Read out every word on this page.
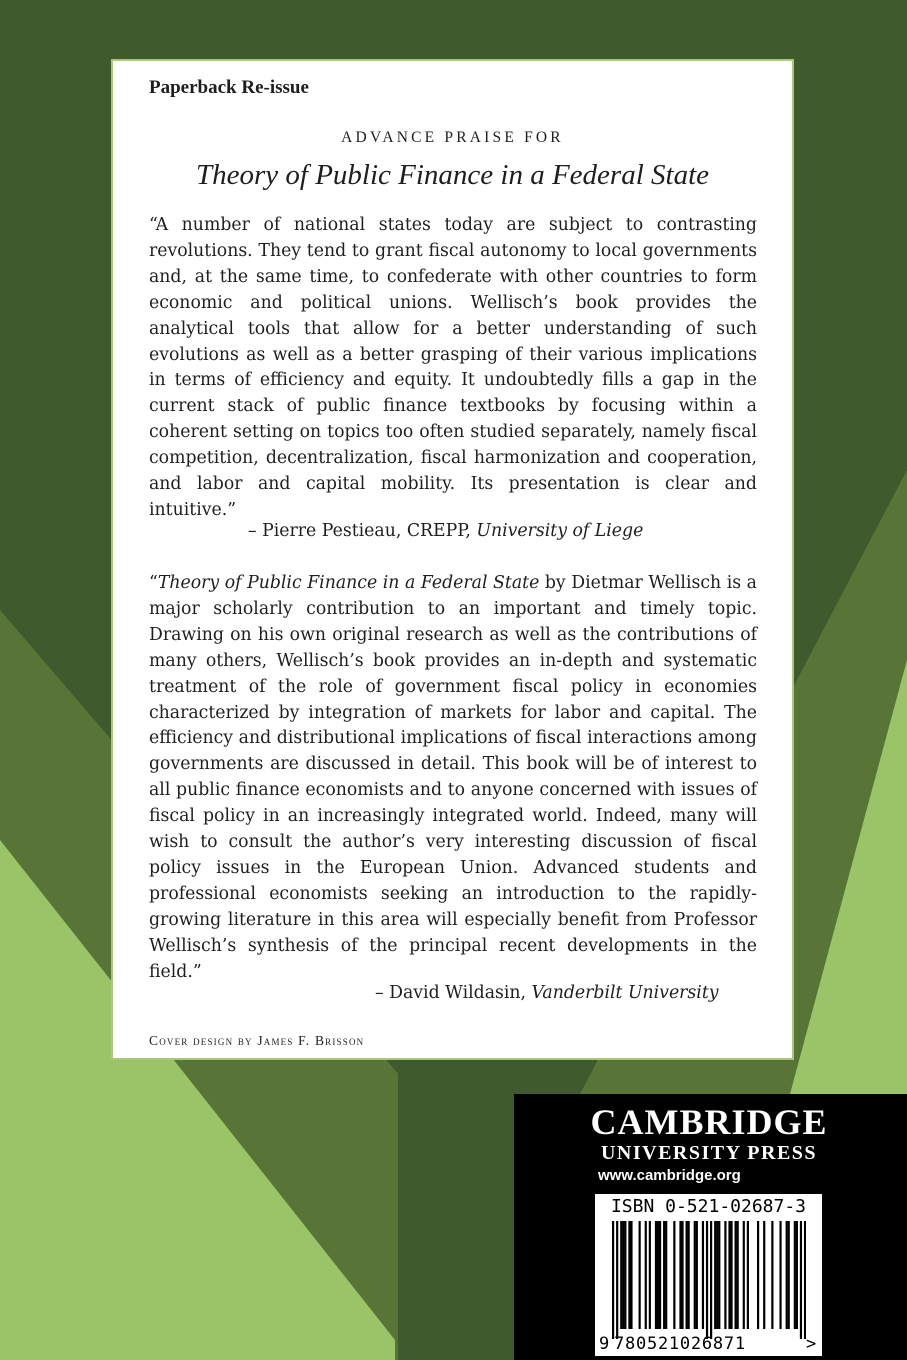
Paperback Re-issue

ADVANCE PRAISE FOR

Theory of Public Finance in a Federal State

“A number of national states today are subject to contrasting revolutions. They tend to grant fiscal autonomy to local governments and, at the same time, to confederate with other countries to form economic and political unions. Wellisch’s book provides the analytical tools that allow for a better understanding of such evolutions as well as a better grasping of their various implications in terms of efficiency and equity. It undoubtedly fills a gap in the current stack of public finance textbooks by focusing within a coherent setting on topics too often studied separately, namely fiscal competition, decentralization, fiscal harmonization and cooperation, and labor and capital mobility. Its presentation is clear and intuitive.”

– Pierre Pestieau, CREPP, University of Liege

“Theory of Public Finance in a Federal State by Dietmar Wellisch is a major scholarly contribution to an important and timely topic. Drawing on his own original research as well as the contributions of many others, Wellisch’s book provides an in-depth and systematic treatment of the role of government fiscal policy in economies characterized by integration of markets for labor and capital. The efficiency and distributional implications of fiscal interactions among governments are discussed in detail. This book will be of interest to all public finance economists and to anyone concerned with issues of fiscal policy in an increasingly integrated world. Indeed, many will wish to consult the author’s very interesting discussion of fiscal policy issues in the European Union. Advanced students and professional economists seeking an introduction to the rapidly-growing literature in this area will especially benefit from Professor Wellisch’s synthesis of the principal recent developments in the field.”

– David Wildasin, Vanderbilt University

Cover design by James F. Brisson

CAMBRIDGE

UNIVERSITY PRESS

www.cambridge.org

ISBN 0-521-02687-3

9 780521026871	>
